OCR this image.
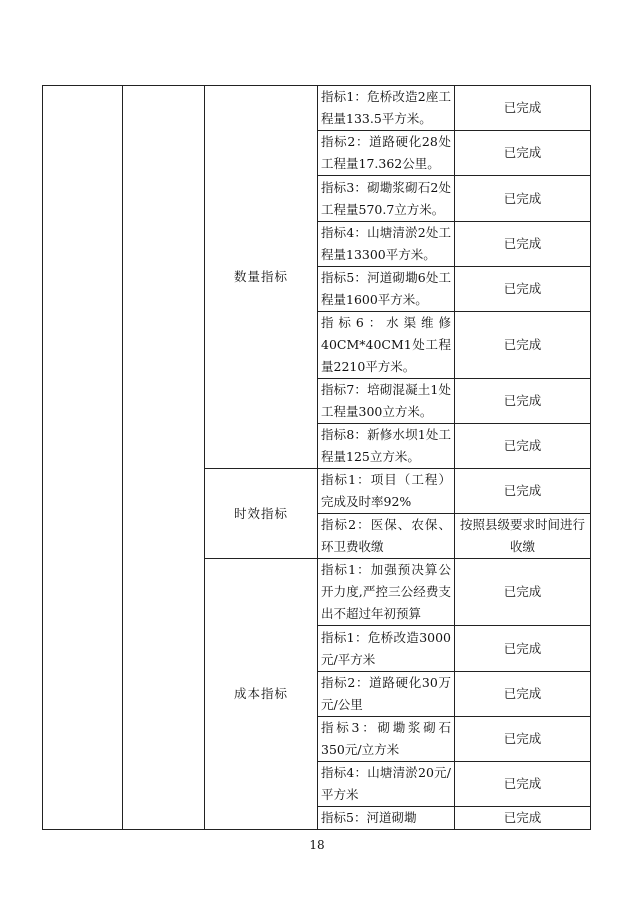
		数量指标	指标1：危桥改造2座工程量133.5平方米。	已完成
			指标2：道路硬化28处工程量17.362公里。	已完成
			指标3：砌墈浆砌石2处工程量570.7立方米。	已完成
			指标4：山塘清淤2处工程量13300平方米。	已完成
			指标5：河道砌墈6处工程量1600平方米。	已完成
			指标6：水渠维修40CM*40CM1处工程量2210平方米。	已完成
			指标7：培砌混凝土1处工程量300立方米。	已完成
			指标8：新修水坝1处工程量125立方米。	已完成
		时效指标	指标1：项目（工程）完成及时率92%	已完成
			指标2：医保、农保、环卫费收缴	按照县级要求时间进行收缴
		成本指标	指标1：加强预决算公开力度,严控三公经费支出不超过年初预算	已完成
			指标1：危桥改造3000元/平方米	已完成
			指标2：道路硬化30万元/公里	已完成
			指标3：砌墈浆砌石350元/立方米	已完成
			指标4：山塘清淤20元/平方米	已完成
			指标5：河道砌墈	已完成
18
